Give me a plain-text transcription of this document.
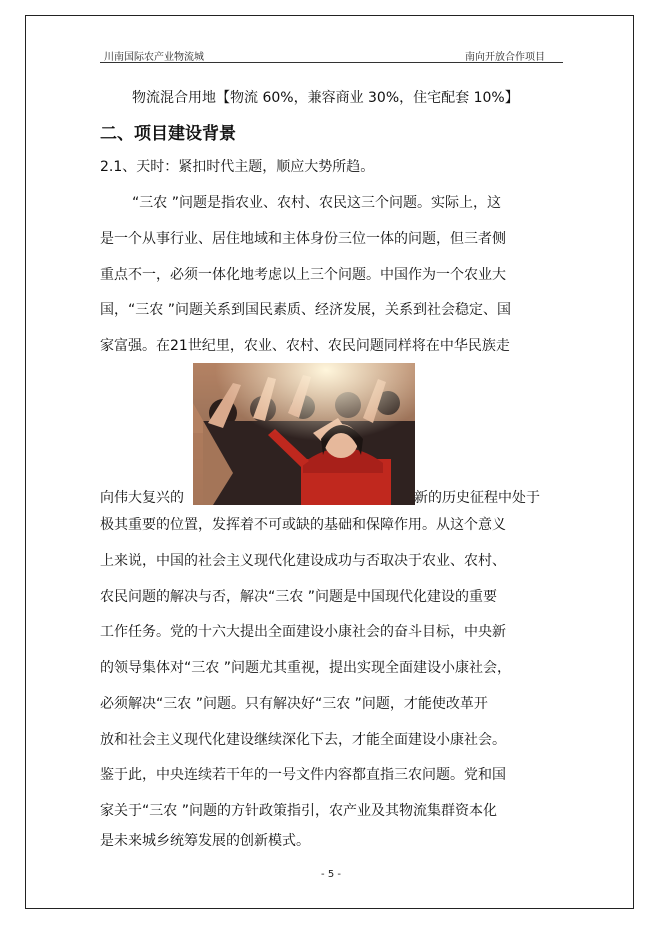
川南国际农产业物流城	南向开放合作项目
物流混合用地【物流 60%，兼容商业 30%，住宅配套 10%】
二、项目建设背景
2.1、天时：紧扣时代主题，顺应大势所趋。
“三农 ”问题是指农业、农村、农民这三个问题。实际上，这
是一个从事行业、居住地域和主体身份三位一体的问题，但三者侧
重点不一，必须一体化地考虑以上三个问题。中国作为一个农业大
国，“三农 ”问题关系到国民素质、经济发展，关系到社会稳定、国
家富强。在21世纪里，农业、农村、农民问题同样将在中华民族走
向伟大复兴的	新的历史征程中处于
极其重要的位置，发挥着不可或缺的基础和保障作用。从这个意义
上来说，中国的社会主义现代化建设成功与否取决于农业、农村、
农民问题的解决与否，解决“三农 ”问题是中国现代化建设的重要
工作任务。党的十六大提出全面建设小康社会的奋斗目标，中央新
的领导集体对“三农 ”问题尤其重视，提出实现全面建设小康社会，
必须解决“三农 ”问题。只有解决好“三农 ”问题，才能使改革开
放和社会主义现代化建设继续深化下去，才能全面建设小康社会。
鉴于此，中央连续若干年的一号文件内容都直指三农问题。党和国
家关于“三农 ”问题的方针政策指引，农产业及其物流集群资本化
是未来城乡统筹发展的创新模式。
- 5 -
